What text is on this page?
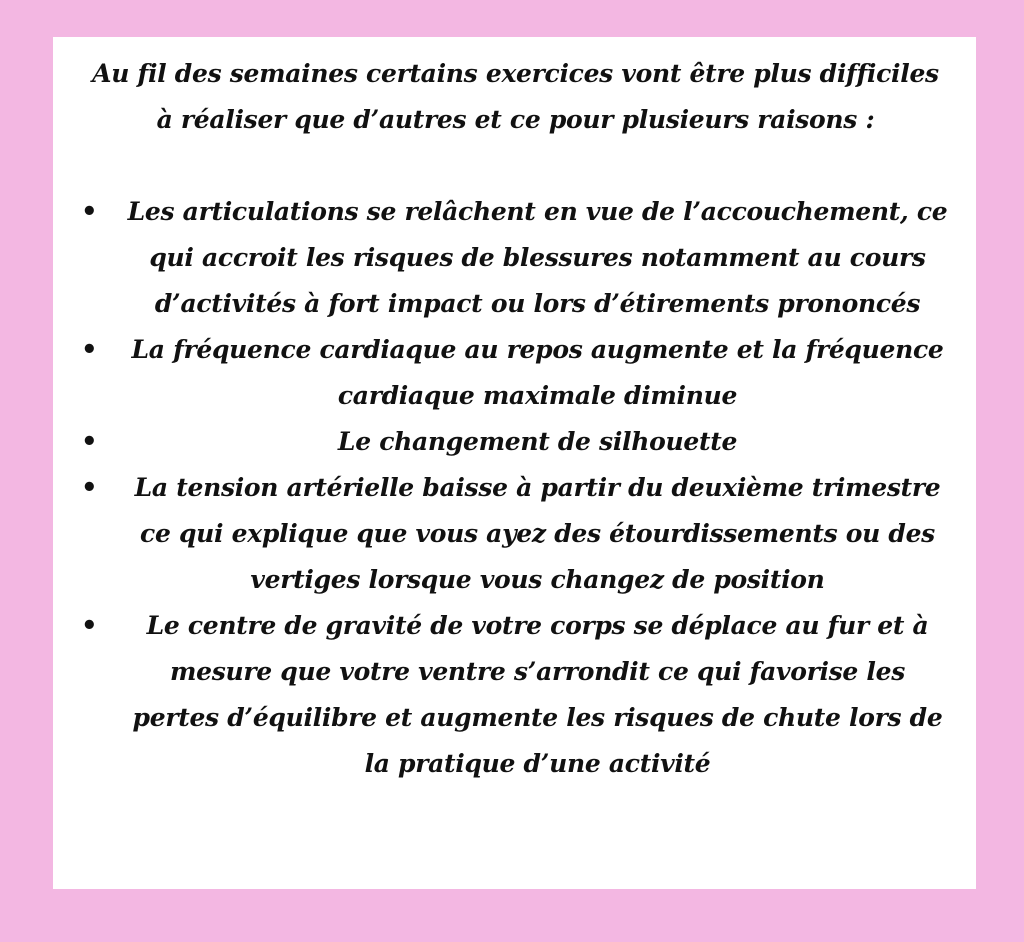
Au fil des semaines certains exercices vont être plus difficiles
à réaliser que d’autres et ce pour plusieurs raisons :

•	Les articulations se relâchent en vue de l’accouchement, ce
qui accroit les risques de blessures notamment au cours
d’activités à fort impact ou lors d’étirements prononcés
•	La fréquence cardiaque au repos augmente et la fréquence
cardiaque maximale diminue
•	Le changement de silhouette
•	La tension artérielle baisse à partir du deuxième trimestre
ce qui explique que vous ayez des étourdissements ou des
vertiges lorsque vous changez de position
•	Le centre de gravité de votre corps se déplace au fur et à
mesure que votre ventre s’arrondit ce qui favorise les
pertes d’équilibre et augmente les risques de chute lors de
la pratique d’une activité
